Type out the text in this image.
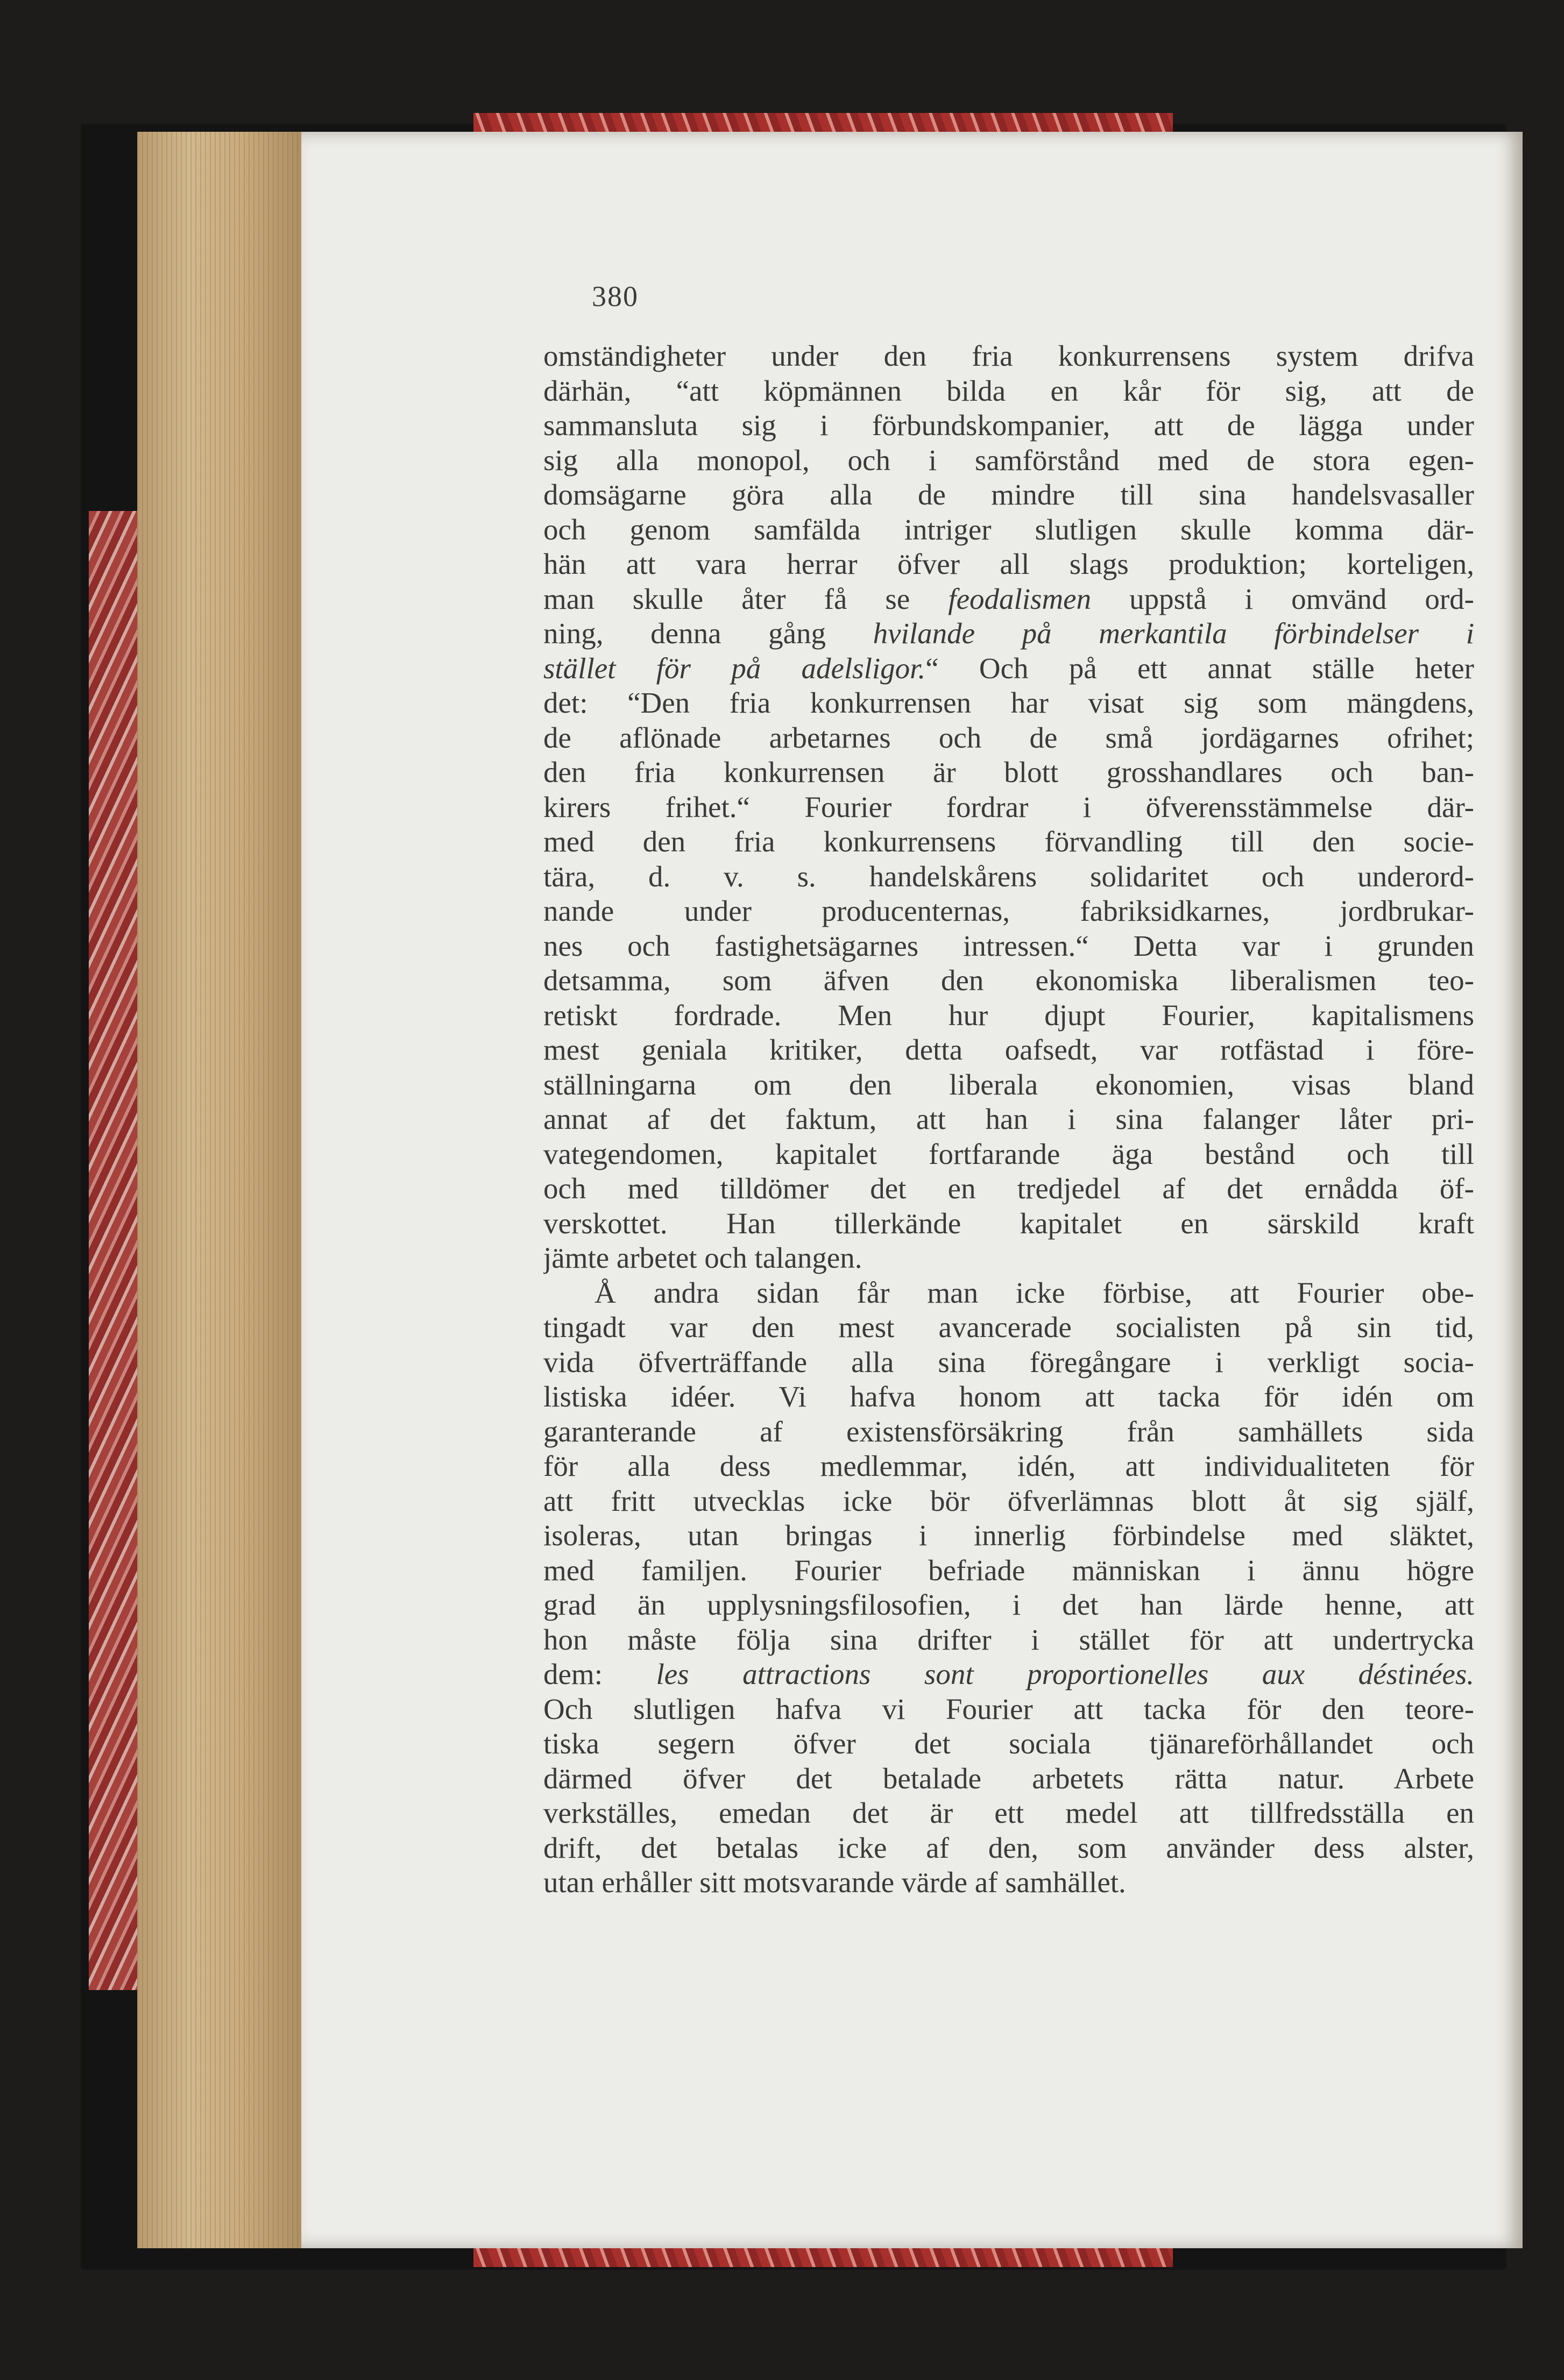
380
omständigheter under den fria konkurrensens system drifva
därhän, “att köpmännen bilda en kår för sig, att de
sammansluta sig i förbundskompanier, att de lägga under
sig alla monopol, och i samförstånd med de stora egen-
domsägarne göra alla de mindre till sina handelsvasaller
och genom samfälda intriger slutligen skulle komma där-
hän att vara herrar öfver all slags produktion; korteligen,
man skulle åter få se feodalismen uppstå i omvänd ord-
ning, denna gång hvilande på merkantila förbindelser i
stället för på adelsligor.“ Och på ett annat ställe heter
det: “Den fria konkurrensen har visat sig som mängdens,
de aflönade arbetarnes och de små jordägarnes ofrihet;
den fria konkurrensen är blott grosshandlares och ban-
kirers frihet.“ Fourier fordrar i öfverensstämmelse där-
med den fria konkurrensens förvandling till den socie-
tära, d. v. s. handelskårens solidaritet och underord-
nande under producenternas, fabriksidkarnes, jordbrukar-
nes och fastighetsägarnes intressen.“ Detta var i grunden
detsamma, som äfven den ekonomiska liberalismen teo-
retiskt fordrade. Men hur djupt Fourier, kapitalismens
mest geniala kritiker, detta oafsedt, var rotfästad i före-
ställningarna om den liberala ekonomien, visas bland
annat af det faktum, att han i sina falanger låter pri-
vategendomen, kapitalet fortfarande äga bestånd och till
och med tilldömer det en tredjedel af det ernådda öf-
verskottet. Han tillerkände kapitalet en särskild kraft
jämte arbetet och talangen.
Å andra sidan får man icke förbise, att Fourier obe-
tingadt var den mest avancerade socialisten på sin tid,
vida öfverträffande alla sina föregångare i verkligt socia-
listiska idéer. Vi hafva honom att tacka för idén om
garanterande af existensförsäkring från samhällets sida
för alla dess medlemmar, idén, att individualiteten för
att fritt utvecklas icke bör öfverlämnas blott åt sig själf,
isoleras, utan bringas i innerlig förbindelse med släktet,
med familjen. Fourier befriade människan i ännu högre
grad än upplysningsfilosofien, i det han lärde henne, att
hon måste följa sina drifter i stället för att undertrycka
dem: les attractions sont proportionelles aux déstinées.
Och slutligen hafva vi Fourier att tacka för den teore-
tiska segern öfver det sociala tjänareförhållandet och
därmed öfver det betalade arbetets rätta natur. Arbete
verkställes, emedan det är ett medel att tillfredsställa en
drift, det betalas icke af den, som använder dess alster,
utan erhåller sitt motsvarande värde af samhället.
